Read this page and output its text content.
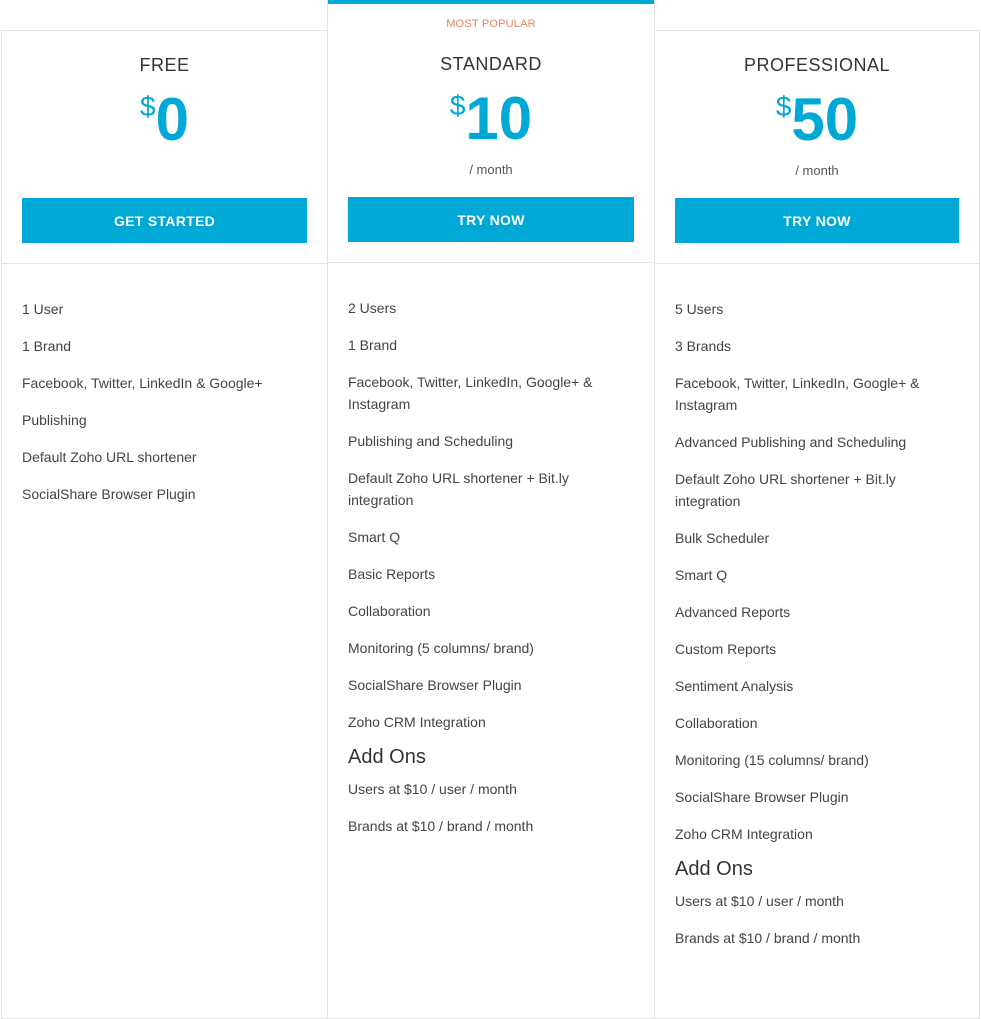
FREE
$0
GET STARTED
1 User
1 Brand
Facebook, Twitter, LinkedIn & Google+
Publishing
Default Zoho URL shortener
SocialShare Browser Plugin
MOST POPULAR
STANDARD
$10
/ month
TRY NOW
2 Users
1 Brand
Facebook, Twitter, LinkedIn, Google+ & Instagram
Publishing and Scheduling
Default Zoho URL shortener + Bit.ly integration
Smart Q
Basic Reports
Collaboration
Monitoring (5 columns/ brand)
SocialShare Browser Plugin
Zoho CRM Integration
Add Ons
Users at $10 / user / month
Brands at $10 / brand / month
PROFESSIONAL
$50
/ month
TRY NOW
5 Users
3 Brands
Facebook, Twitter, LinkedIn, Google+ & Instagram
Advanced Publishing and Scheduling
Default Zoho URL shortener + Bit.ly integration
Bulk Scheduler
Smart Q
Advanced Reports
Custom Reports
Sentiment Analysis
Collaboration
Monitoring (15 columns/ brand)
SocialShare Browser Plugin
Zoho CRM Integration
Add Ons
Users at $10 / user / month
Brands at $10 / brand / month
